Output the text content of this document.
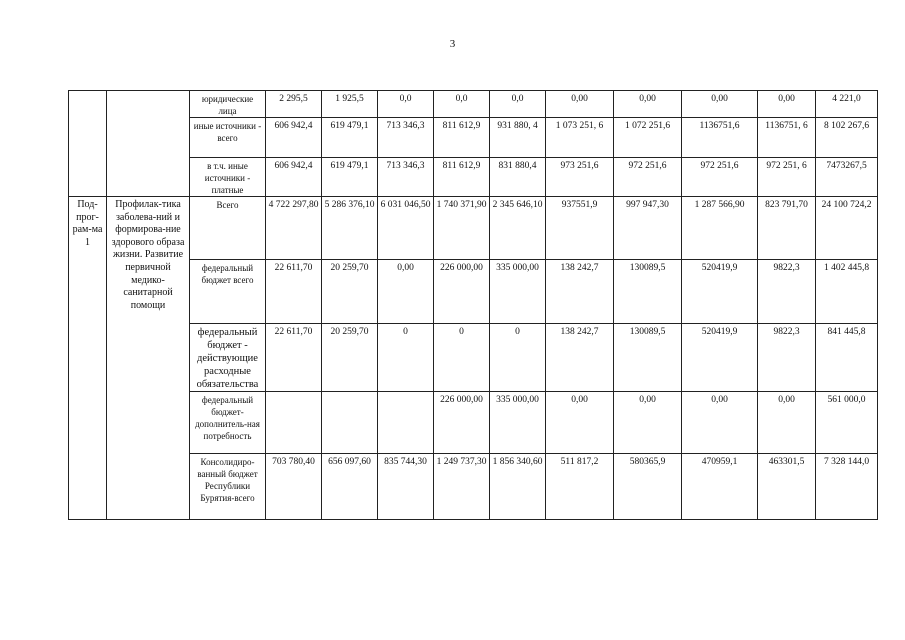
3
		юридические лица	2 295,5	1 925,5	0,0	0,0	0,0	0,00	0,00	0,00	0,00	4 221,0
		иные источники - всего	606 942,4	619 479,1	713 346,3	811 612,9	931 880, 4	1 073 251, 6	1 072 251,6	1136751,6	1136751, 6	8 102 267,6
		в т.ч. иные источники - платные	606 942,4	619 479,1	713 346,3	811 612,9	831 880,4	973 251,6	972 251,6	972 251,6	972 251, 6	7473267,5
Под-прог-рам-ма 1	Профилак-тика заболева-ний и формирова-ние здорового образа жизни. Развитие первичной медико-санитарной помощи	Всего	4 722 297,80	5 286 376,10	6 031 046,50	1 740 371,90	2 345 646,10	937551,9	997 947,30	1 287 566,90	823 791,70	24 100 724,2
		федеральный бюджет всего	22 611,70	20 259,70	0,00	226 000,00	335 000,00	138 242,7	130089,5	520419,9	9822,3	1 402 445,8
		федеральный бюджет - действующие расходные обязательства	22 611,70	20 259,70	0	0	0	138 242,7	130089,5	520419,9	9822,3	841 445,8
		федеральный бюджет-дополнитель-ная потребность				226 000,00	335 000,00	0,00	0,00	0,00	0,00	561 000,0
		Консолидиро-ванный бюджет Республики Бурятия-всего	703 780,40	656 097,60	835 744,30	1 249 737,30	1 856 340,60	511 817,2	580365,9	470959,1	463301,5	7 328 144,0
